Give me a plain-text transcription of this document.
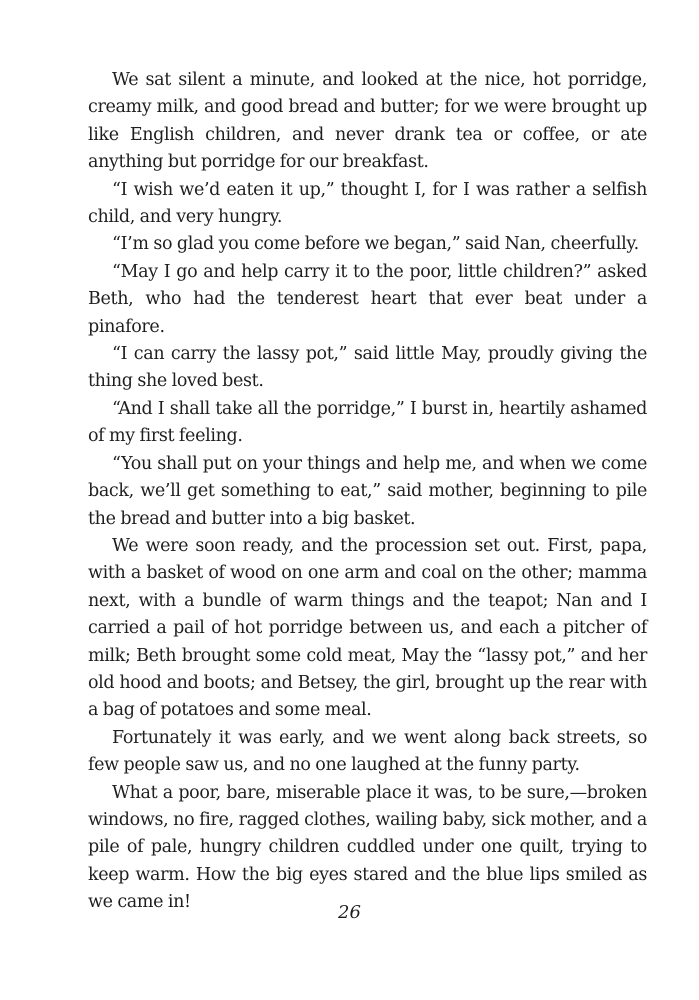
We sat silent a minute, and looked at the nice, hot porridge, creamy milk, and good bread and butter; for we were brought up like English children, and never drank tea or coffee, or ate anything but porridge for our breakfast.

“I wish we’d eaten it up,” thought I, for I was rather a selfish child, and very hungry.

“I’m so glad you come before we began,” said Nan, cheerfully.

“May I go and help carry it to the poor, little children?” asked Beth, who had the tenderest heart that ever beat under a pinafore.

“I can carry the lassy pot,” said little May, proudly giving the thing she loved best.

“And I shall take all the porridge,” I burst in, heartily ashamed of my first feeling.

“You shall put on your things and help me, and when we come back, we’ll get something to eat,” said mother, beginning to pile the bread and butter into a big basket.

We were soon ready, and the procession set out. First, papa, with a basket of wood on one arm and coal on the other; mamma next, with a bundle of warm things and the teapot; Nan and I carried a pail of hot porridge between us, and each a pitcher of milk; Beth brought some cold meat, May the “lassy pot,” and her old hood and boots; and Betsey, the girl, brought up the rear with a bag of potatoes and some meal.

Fortunately it was early, and we went along back streets, so few people saw us, and no one laughed at the funny party.

What a poor, bare, miserable place it was, to be sure,—broken windows, no fire, ragged clothes, wailing baby, sick mother, and a pile of pale, hungry children cuddled under one quilt, trying to keep warm. How the big eyes stared and the blue lips smiled as we came in!	26
